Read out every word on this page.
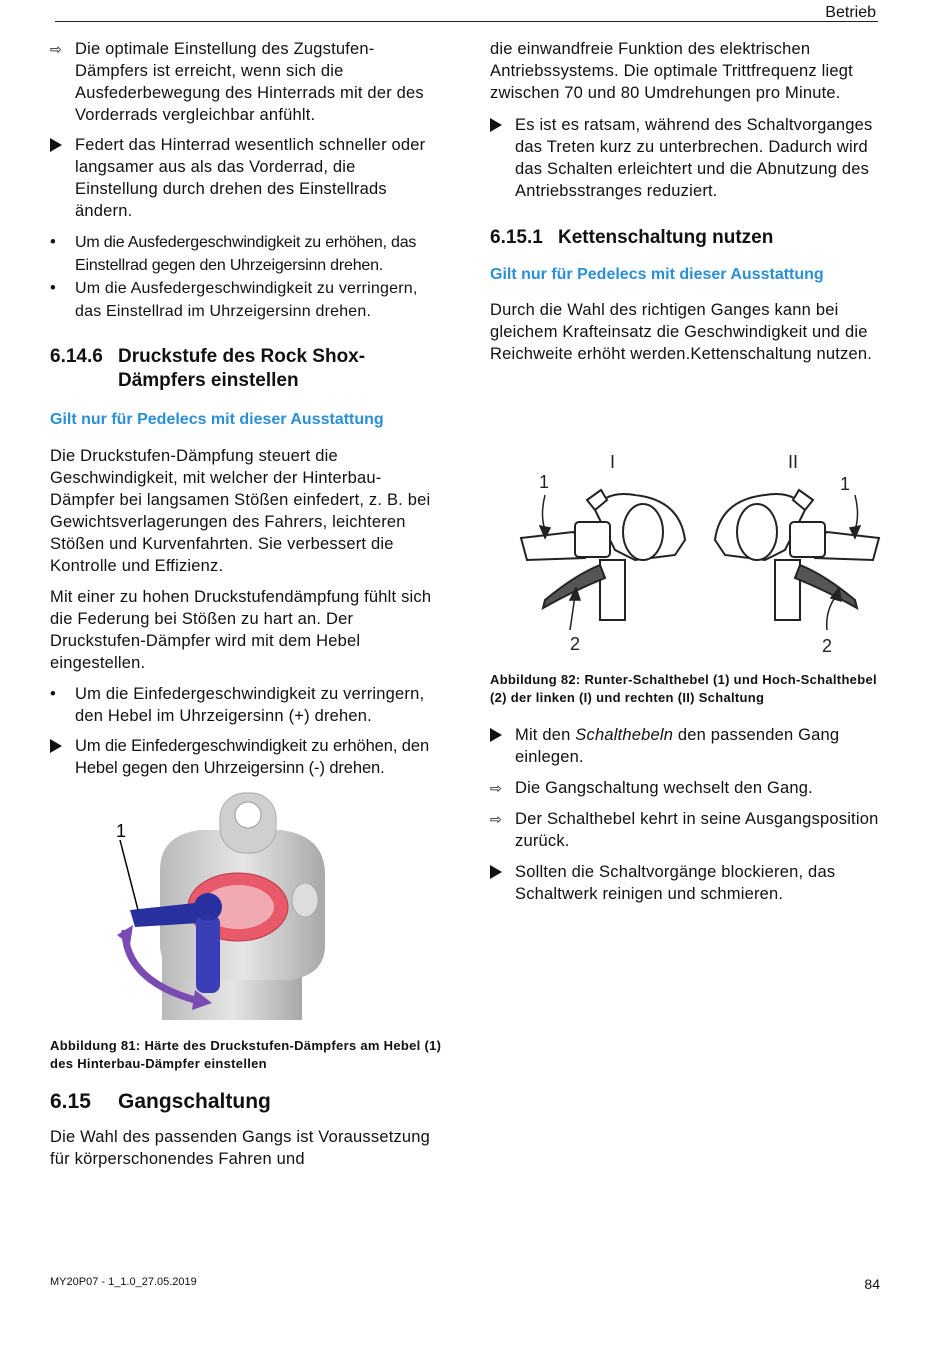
Betrieb
⇨ Die optimale Einstellung des Zugstufen-Dämpfers ist erreicht, wenn sich die Ausfederbewegung des Hinterrads mit der des Vorderrads vergleichbar anfühlt.
Federt das Hinterrad wesentlich schneller oder langsamer aus als das Vorderrad, die Einstellung durch drehen des Einstellrads ändern.
•	Um die Ausfedergeschwindigkeit zu erhöhen, das Einstellrad gegen den Uhrzeigersinn drehen.
•	Um die Ausfedergeschwindigkeit zu verringern, das Einstellrad im Uhrzeigersinn drehen.
6.14.6 Druckstufe des Rock Shox-Dämpfers einstellen

Gilt nur für Pedelecs mit dieser Ausstattung

Die Druckstufen-Dämpfung steuert die Geschwindigkeit, mit welcher der Hinterbau-Dämpfer bei langsamen Stößen einfedert, z. B. bei Gewichtsverlagerungen des Fahrers, leichteren Stößen und Kurvenfahrten. Sie verbessert die Kontrolle und Effizienz.

Mit einer zu hohen Druckstufendämpfung fühlt sich die Federung bei Stößen zu hart an. Der Druckstufen-Dämpfer wird mit dem Hebel eingestellen.

•	Um die Einfedergeschwindigkeit zu verringern, den Hebel im Uhrzeigersinn (+) drehen.
Um die Einfedergeschwindigkeit zu erhöhen, den Hebel gegen den Uhrzeigersinn (-) drehen.
1

Abbildung 81: Härte des Druckstufen-Dämpfers am Hebel (1) des Hinterbau-Dämpfer einstellen

6.15	Gangschaltung

Die Wahl des passenden Gangs ist Voraussetzung für körperschonendes Fahren und

die einwandfreie Funktion des elektrischen Antriebssystems. Die optimale Trittfrequenz liegt zwischen 70 und 80 Umdrehungen pro Minute.

Es ist es ratsam, während des Schaltvorganges das Treten kurz zu unterbrechen. Dadurch wird das Schalten erleichtert und die Abnutzung des Antriebsstranges reduziert.
6.15.1 Kettenschaltung nutzen

Gilt nur für Pedelecs mit dieser Ausstattung

Durch die Wahl des richtigen Ganges kann bei gleichem Krafteinsatz die Geschwindigkeit und die Reichweite erhöht werden.Kettenschaltung nutzen.

I	II
1	1
2	2

Abbildung 82: Runter-Schalthebel (1) und Hoch-Schalthebel (2) der linken (I) und rechten (II) Schaltung

Mit den Schalthebeln den passenden Gang einlegen.
⇨ Die Gangschaltung wechselt den Gang.
⇨ Der Schalthebel kehrt in seine Ausgangsposition zurück.
Sollten die Schaltvorgänge blockieren, das Schaltwerk reinigen und schmieren.
MY20P07 - 1_1.0_27.05.2019	84
